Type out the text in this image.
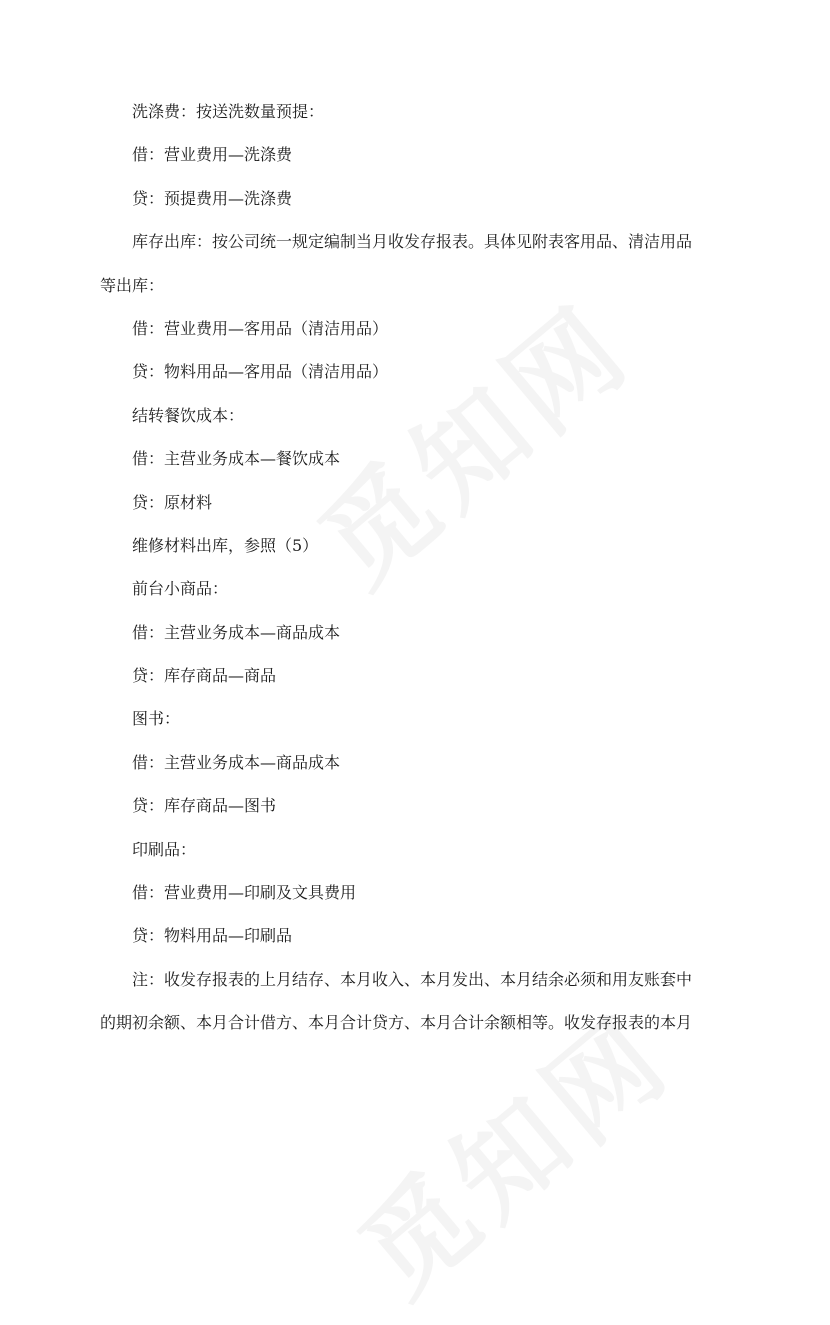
洗涤费：按送洗数量预提：
借：营业费用—洗涤费
贷：预提费用—洗涤费
库存出库：按公司统一规定编制当月收发存报表。具体见附表客用品、清洁用品
等出库：
借：营业费用—客用品（清洁用品）
贷：物料用品—客用品（清洁用品）
结转餐饮成本：
借：主营业务成本—餐饮成本
贷：原材料
维修材料出库，参照（5）
前台小商品：
借：主营业务成本—商品成本
贷：库存商品—商品
图书：
借：主营业务成本—商品成本
贷：库存商品—图书
印刷品：
借：营业费用—印刷及文具费用
贷：物料用品—印刷品
注：收发存报表的上月结存、本月收入、本月发出、本月结余必须和用友账套中
的期初余额、本月合计借方、本月合计贷方、本月合计余额相等。收发存报表的本月
